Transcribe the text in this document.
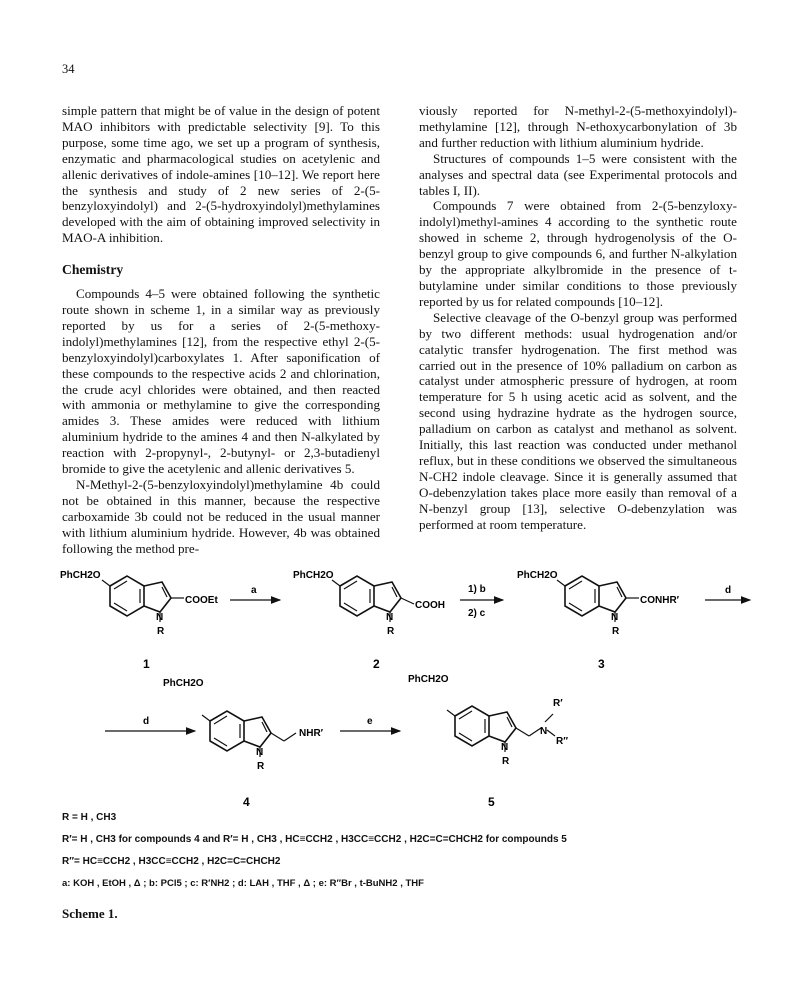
34

simple pattern that might be of value in the design of potent MAO inhibitors with predictable selectivity [9]. To this purpose, some time ago, we set up a program of synthesis, enzymatic and pharmacological studies on acetylenic and allenic derivatives of indole-amines [10–12]. We report here the synthesis and study of 2 new series of 2-(5-benzyloxyindolyl) and 2-(5-hydroxyindolyl)methylamines developed with the aim of obtaining improved selectivity in MAO-A inhibition.

Chemistry

Compounds 4–5 were obtained following the synthetic route shown in scheme 1, in a similar way as previously reported by us for a series of 2-(5-methoxy-indolyl)methylamines [12], from the respective ethyl 2-(5-benzyloxyindolyl)carboxylates 1. After saponification of these compounds to the respective acids 2 and chlorination, the crude acyl chlorides were obtained, and then reacted with ammonia or methylamine to give the corresponding amides 3. These amides were reduced with lithium aluminium hydride to the amines 4 and then N-alkylated by reaction with 2-propynyl-, 2-butynyl- or 2,3-butadienyl bromide to give the acetylenic and allenic derivatives 5.

N-Methyl-2-(5-benzyloxyindolyl)methylamine 4b could not be obtained in this manner, because the respective carboxamide 3b could not be reduced in the usual manner with lithium aluminium hydride. However, 4b was obtained following the method pre-

viously reported for N-methyl-2-(5-methoxyindolyl)-methylamine [12], through N-ethoxycarbonylation of 3b and further reduction with lithium aluminium hydride.

Structures of compounds 1–5 were consistent with the analyses and spectral data (see Experimental protocols and tables I, II).

Compounds 7 were obtained from 2-(5-benzyloxy-indolyl)methyl-amines 4 according to the synthetic route showed in scheme 2, through hydrogenolysis of the O-benzyl group to give compounds 6, and further N-alkylation by the appropriate alkylbromide in the presence of t-butylamine under similar conditions to those previously reported by us for related compounds [10–12].

Selective cleavage of the O-benzyl group was performed by two different methods: usual hydrogenation and/or catalytic transfer hydrogenation. The first method was carried out in the presence of 10% palladium on carbon as catalyst under atmospheric pressure of hydrogen, at room temperature for 5 h using acetic acid as solvent, and the second using hydrazine hydrate as the hydrogen source, palladium on carbon as catalyst and methanol as solvent. Initially, this last reaction was conducted under methanol reflux, but in these conditions we observed the simultaneous N-CH2 indole cleavage. Since it is generally assumed that O-debenzylation takes place more easily than removal of a N-benzyl group [13], selective O-debenzylation was performed at room temperature.

PhCH2O
COOEt
N
R
1
a
PhCH2O
COOH
N
R
2
1) b
2) c
PhCH2O
CONHR′
N
R
3
d
d
PhCH2O
NHR′
N
R
4
e
PhCH2O
N
R′
R″
N
R
5
R = H , CH3
R′= H , CH3 for compounds 4 and R′= H , CH3 , HC≡CCH2 , H3CC≡CCH2 , H2C=C=CHCH2 for compounds 5
R″= HC≡CCH2 , H3CC≡CCH2 , H2C=C=CHCH2
a: KOH , EtOH , Δ ; b: PCl5 ; c: R′NH2 ; d: LAH , THF , Δ ; e: R″Br , t-BuNH2 , THF
Scheme 1.
